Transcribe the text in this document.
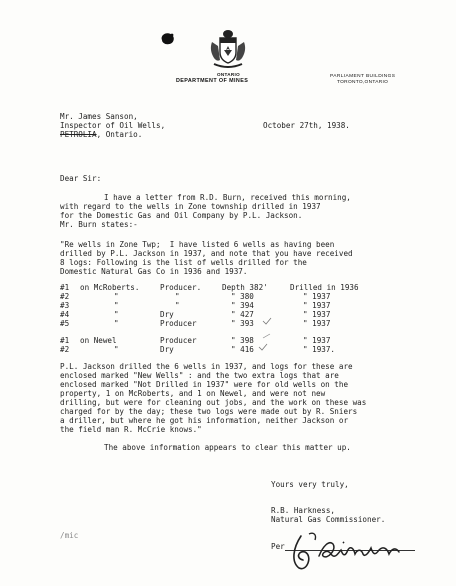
ONTARIO
DEPARTMENT OF MINES
PARLIAMENT BUILDINGS
TORONTO,ONTARIO
Mr. James Sanson,
Inspector of Oil Wells,
PETROLIA, Ontario.
October 27th, 1938.
Dear Sir:
I have a letter from R.D. Burn, received this morning,
with regard to the wells in Zone township drilled in 1937
for the Domestic Gas and Oil Company by P.L. Jackson.
Mr. Burn states:-
"Re wells in Zone Twp;  I have listed 6 wells as having been
drilled by P.L. Jackson in 1937, and note that you have received
8 logs: Following is the list of wells drilled for the
Domestic Natural Gas Co in 1936 and 1937.
#1 on McRoberts.	Producer.	Depth 382'	Drilled in 1936
#2	"	"	" 380	" 1937
#3	"	"	" 394	" 1937
#4	"	Dry	" 427	" 1937
#5	"	Producer	" 393	" 1937
#1 on Newel	Producer	" 398	" 1937
#2	"	Dry	" 416	" 1937.
P.L. Jackson drilled the 6 wells in 1937, and logs for these are
enclosed marked "New Wells" : and the two extra logs that are
enclosed marked "Not Drilled in 1937" were for old wells on the
property, 1 on McRoberts, and 1 on Newel, and were not new
drilling, but were for cleaning out jobs, and the work on these was
charged for by the day; these two logs were made out by R. Sniers
a driller, but where he got his information, neither Jackson or
the field man R. McCrie knows."
The above information appears to clear this matter up.
Yours very truly,
R.B. Harkness,
Natural Gas Commissioner.
/mic
Per
